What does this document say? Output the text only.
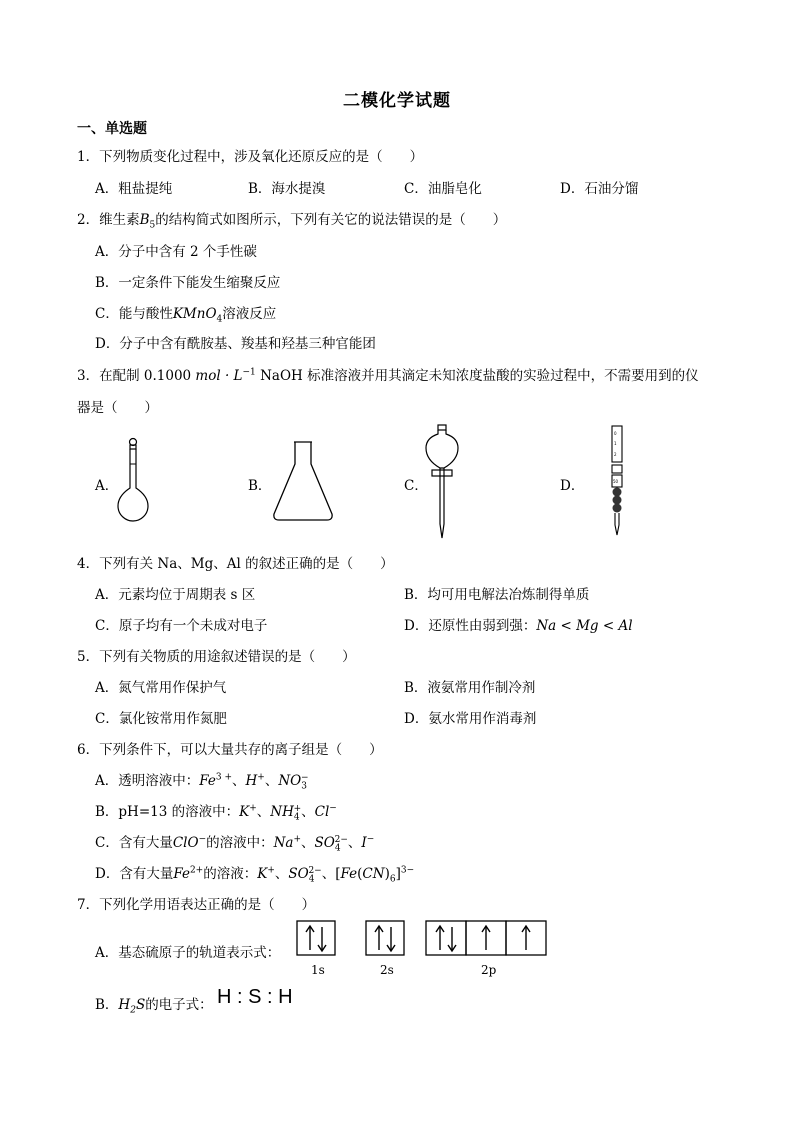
二模化学试题
一、单选题
1．下列物质变化过程中，涉及氧化还原反应的是（　　）
A．粗盐提纯	B．海水提溴	C．油脂皂化	D．石油分馏
2．维生素$B_5$的结构简式如图所示，下列有关它的说法错误的是（　　）
A．分子中含有 2 个手性碳
B．一定条件下能发生缩聚反应
C．能与酸性KMnO$_4$溶液反应
D．分子中含有酰胺基、羧基和羟基三种官能团
3．在配制 0.1000 mol · $L^{-1}$ NaOH 标准溶液并用其滴定未知浓度盐酸的实验过程中，不需要用到的仪
器是（　　）
A．	B．	C．	D．
0
1
2
50
4．下列有关 Na、Mg、Al 的叙述正确的是（　　）
A．元素均位于周期表 s 区	B．均可用电解法冶炼制得单质
C．原子均有一个未成对电子	D．还原性由弱到强：Na < Mg < Al
5．下列有关物质的用途叙述错误的是（　　）
A．氮气常用作保护气	B．液氨常用作制冷剂
C．氯化铵常用作氮肥	D．氨水常用作消毒剂
6．下列条件下，可以大量共存的离子组是（　　）
A．透明溶液中：$Fe^{3 +}$、H+、$NO_3^-$
B．pH=13 的溶液中：K+、$NH_4^+$、Cl−
C．含有大量ClO−的溶液中：Na+、$SO_4^{2-}$、I−
D．含有大量$Fe^{2+}$的溶液：K+、$SO_4^{2-}$、$[Fe(CN)_6]^{3-}$
7．下列化学用语表达正确的是（　　）
A．基态硫原子的轨道表示式：
1s	2s	2p
B．$H_2S$的电子式： H : S : H
